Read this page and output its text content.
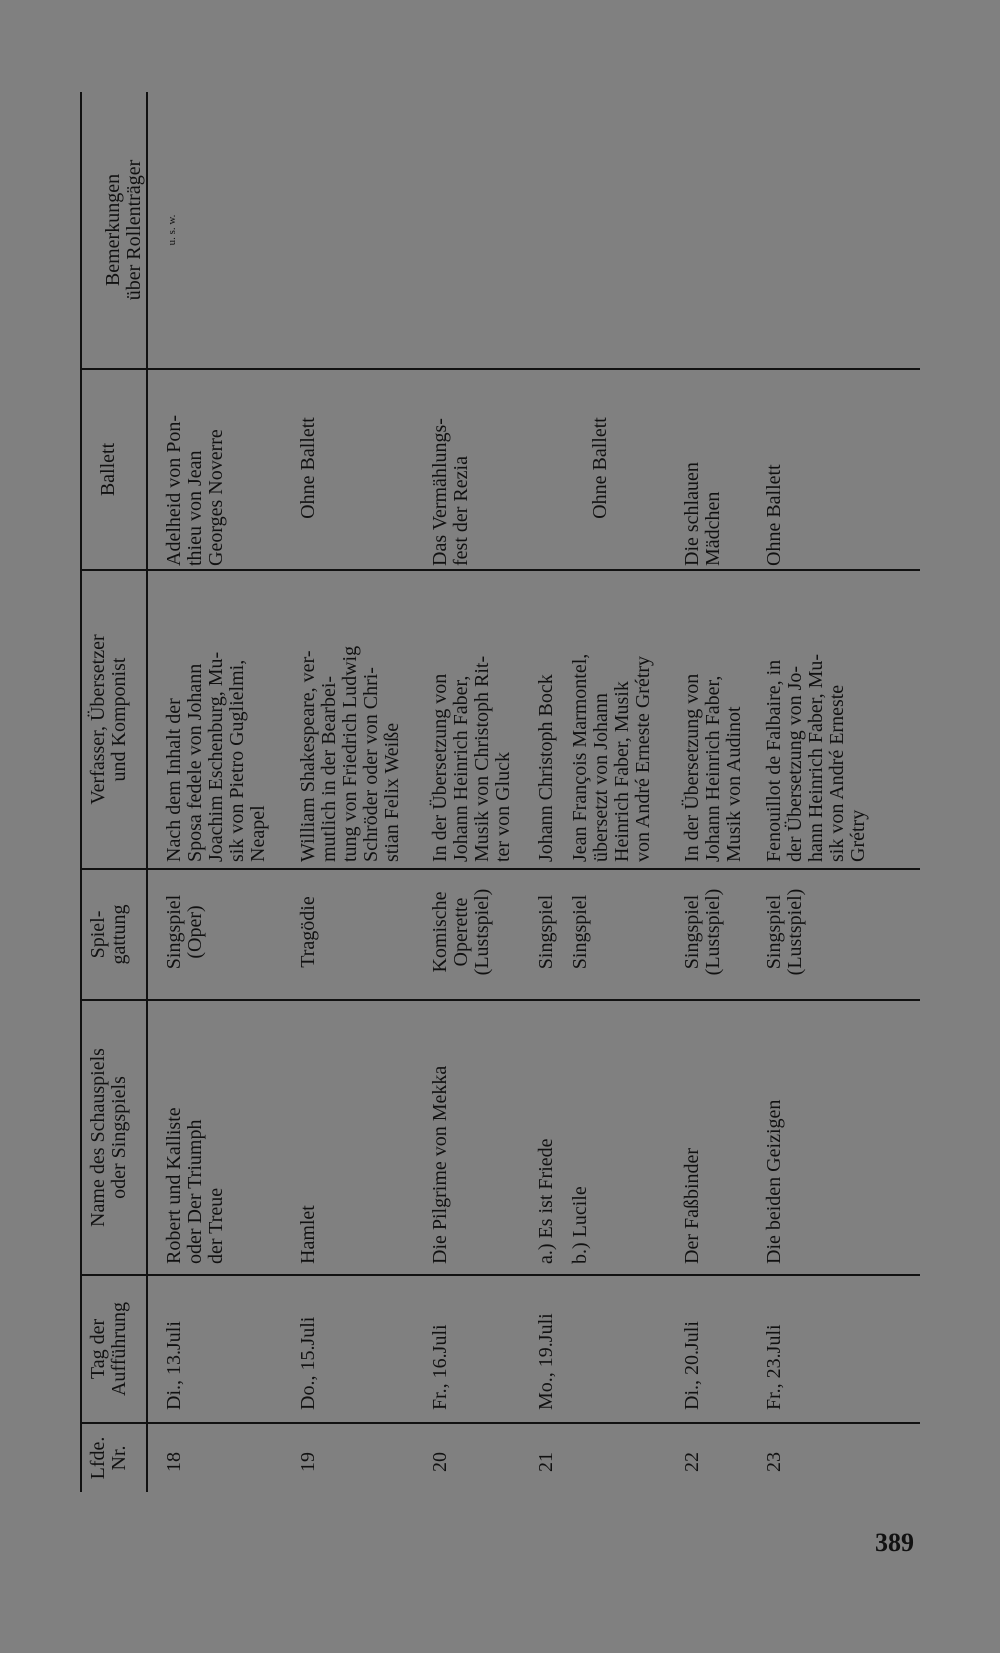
Lfde.
Nr.
Tag der
Aufführung
Name des Schauspiels
oder Singspiels
Spiel-
gattung
Verfasser, Übersetzer
und Komponist
Ballett

Bemerkungen
über Rollenträger u. s. w.

18
Di., 13.Juli
Robert und Kalliste
oder Der Triumph
der Treue
Singspiel
(Oper)
Nach dem Inhalt der
Sposa fedele von Johann
Joachim Eschenburg, Mu-
sik von Pietro Guglielmi,
Neapel
Adelheid von Pon-
thieu von Jean
Georges Noverre
19
Do., 15.Juli
Hamlet
Tragödie
William Shakespeare, ver-
mutlich in der Bearbei-
tung von Friedrich Ludwig
Schröder oder von Chri-
stian Felix Weiße
Ohne Ballett
20
Fr., 16.Juli
Die Pilgrime von Mekka
Komische
Operette
(Lustspiel)
In der Übersetzung von
Johann Heinrich Faber,
Musik von Christoph Rit-
ter von Gluck
Das Vermählungs-
fest der Rezia
21
Mo., 19.Juli
a.) Es ist Friede b.) Lucile
Singspiel Singspiel
Johann Christoph Bock Jean François Marmontel,
übersetzt von Johann
Heinrich Faber, Musik
von André Erneste Grétry
Ohne Ballett
22
Di., 20.Juli
Der Faßbinder
Singspiel
(Lustspiel)
In der Übersetzung von
Johann Heinrich Faber,
Musik von Audinot
Die schlauen
Mädchen
23
Fr., 23.Juli
Die beiden Geizigen
Singspiel
(Lustspiel)
Fenouillot de Falbaire, in
der Übersetzung von Jo-
hann Heinrich Faber, Mu-
sik von André Erneste
Grétry
Ohne Ballett
389
